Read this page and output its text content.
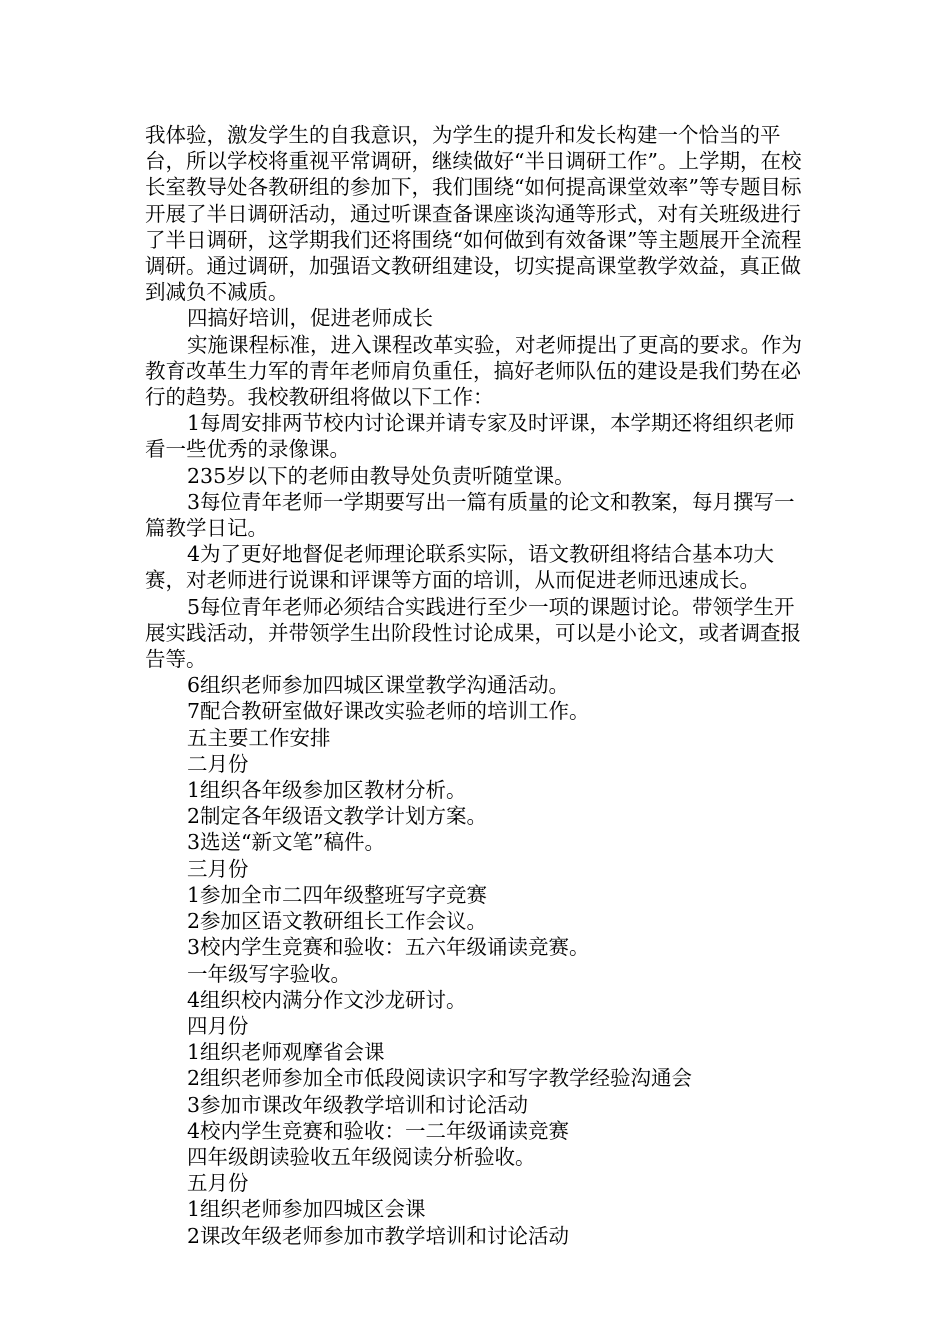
我体验，激发学生的自我意识，为学生的提升和发长构建一个恰当的平台，所以学校将重视平常调研，继续做好“半日调研工作”。上学期，在校长室教导处各教研组的参加下，我们围绕“如何提高课堂效率”等专题目标开展了半日调研活动，通过听课查备课座谈沟通等形式，对有关班级进行了半日调研，这学期我们还将围绕“如何做到有效备课”等主题展开全流程调研。通过调研，加强语文教研组建设，切实提高课堂教学效益，真正做到减负不减质。

四搞好培训，促进老师成长

实施课程标准，进入课程改革实验，对老师提出了更高的要求。作为教育改革生力军的青年老师肩负重任，搞好老师队伍的建设是我们势在必行的趋势。我校教研组将做以下工作：

1每周安排两节校内讨论课并请专家及时评课，本学期还将组织老师看一些优秀的录像课。

235岁以下的老师由教导处负责听随堂课。

3每位青年老师一学期要写出一篇有质量的论文和教案，每月撰写一篇教学日记。

4为了更好地督促老师理论联系实际，语文教研组将结合基本功大赛，对老师进行说课和评课等方面的培训，从而促进老师迅速成长。

5每位青年老师必须结合实践进行至少一项的课题讨论。带领学生开展实践活动，并带领学生出阶段性讨论成果，可以是小论文，或者调查报告等。

6组织老师参加四城区课堂教学沟通活动。

7配合教研室做好课改实验老师的培训工作。

五主要工作安排

二月份

1组织各年级参加区教材分析。

2制定各年级语文教学计划方案。

3选送“新文笔”稿件。

三月份

1参加全市二四年级整班写字竞赛

2参加区语文教研组长工作会议。

3校内学生竞赛和验收：五六年级诵读竞赛。

一年级写字验收。

4组织校内满分作文沙龙研讨。

四月份

1组织老师观摩省会课

2组织老师参加全市低段阅读识字和写字教学经验沟通会

3参加市课改年级教学培训和讨论活动

4校内学生竞赛和验收：一二年级诵读竞赛

四年级朗读验收五年级阅读分析验收。

五月份

1组织老师参加四城区会课

2课改年级老师参加市教学培训和讨论活动
